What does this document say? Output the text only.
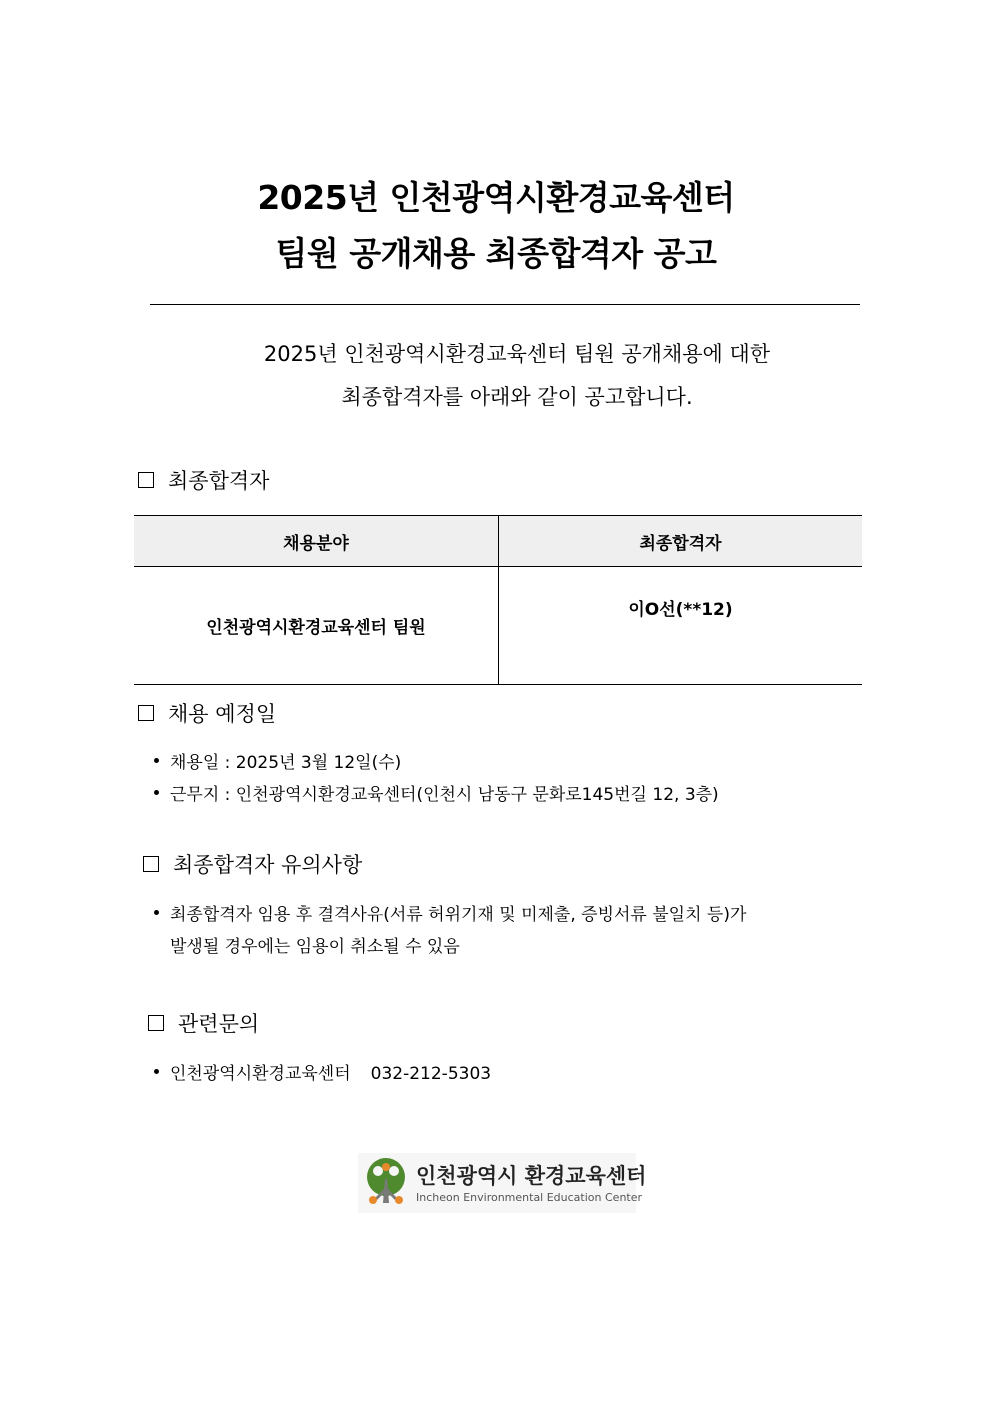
2025년 인천광역시환경교육센터
팀원 공개채용 최종합격자 공고
2025년 인천광역시환경교육센터 팀원 공개채용에 대한
최종합격자를 아래와 같이 공고합니다.
최종합격자
채용분야	최종합격자
인천광역시환경교육센터 팀원	이O선(**12)
채용 예정일
채용일 : 2025년 3월 12일(수)
근무지 : 인천광역시환경교육센터(인천시 남동구 문화로145번길 12, 3층)
최종합격자 유의사항
최종합격자 임용 후 결격사유(서류 허위기재 및 미제출, 증빙서류 불일치 등)가
발생될 경우에는 임용이 취소될 수 있음
관련문의
인천광역시환경교육센터 032-212-5303
인천광역시 환경교육센터
Incheon Environmental Education Center
